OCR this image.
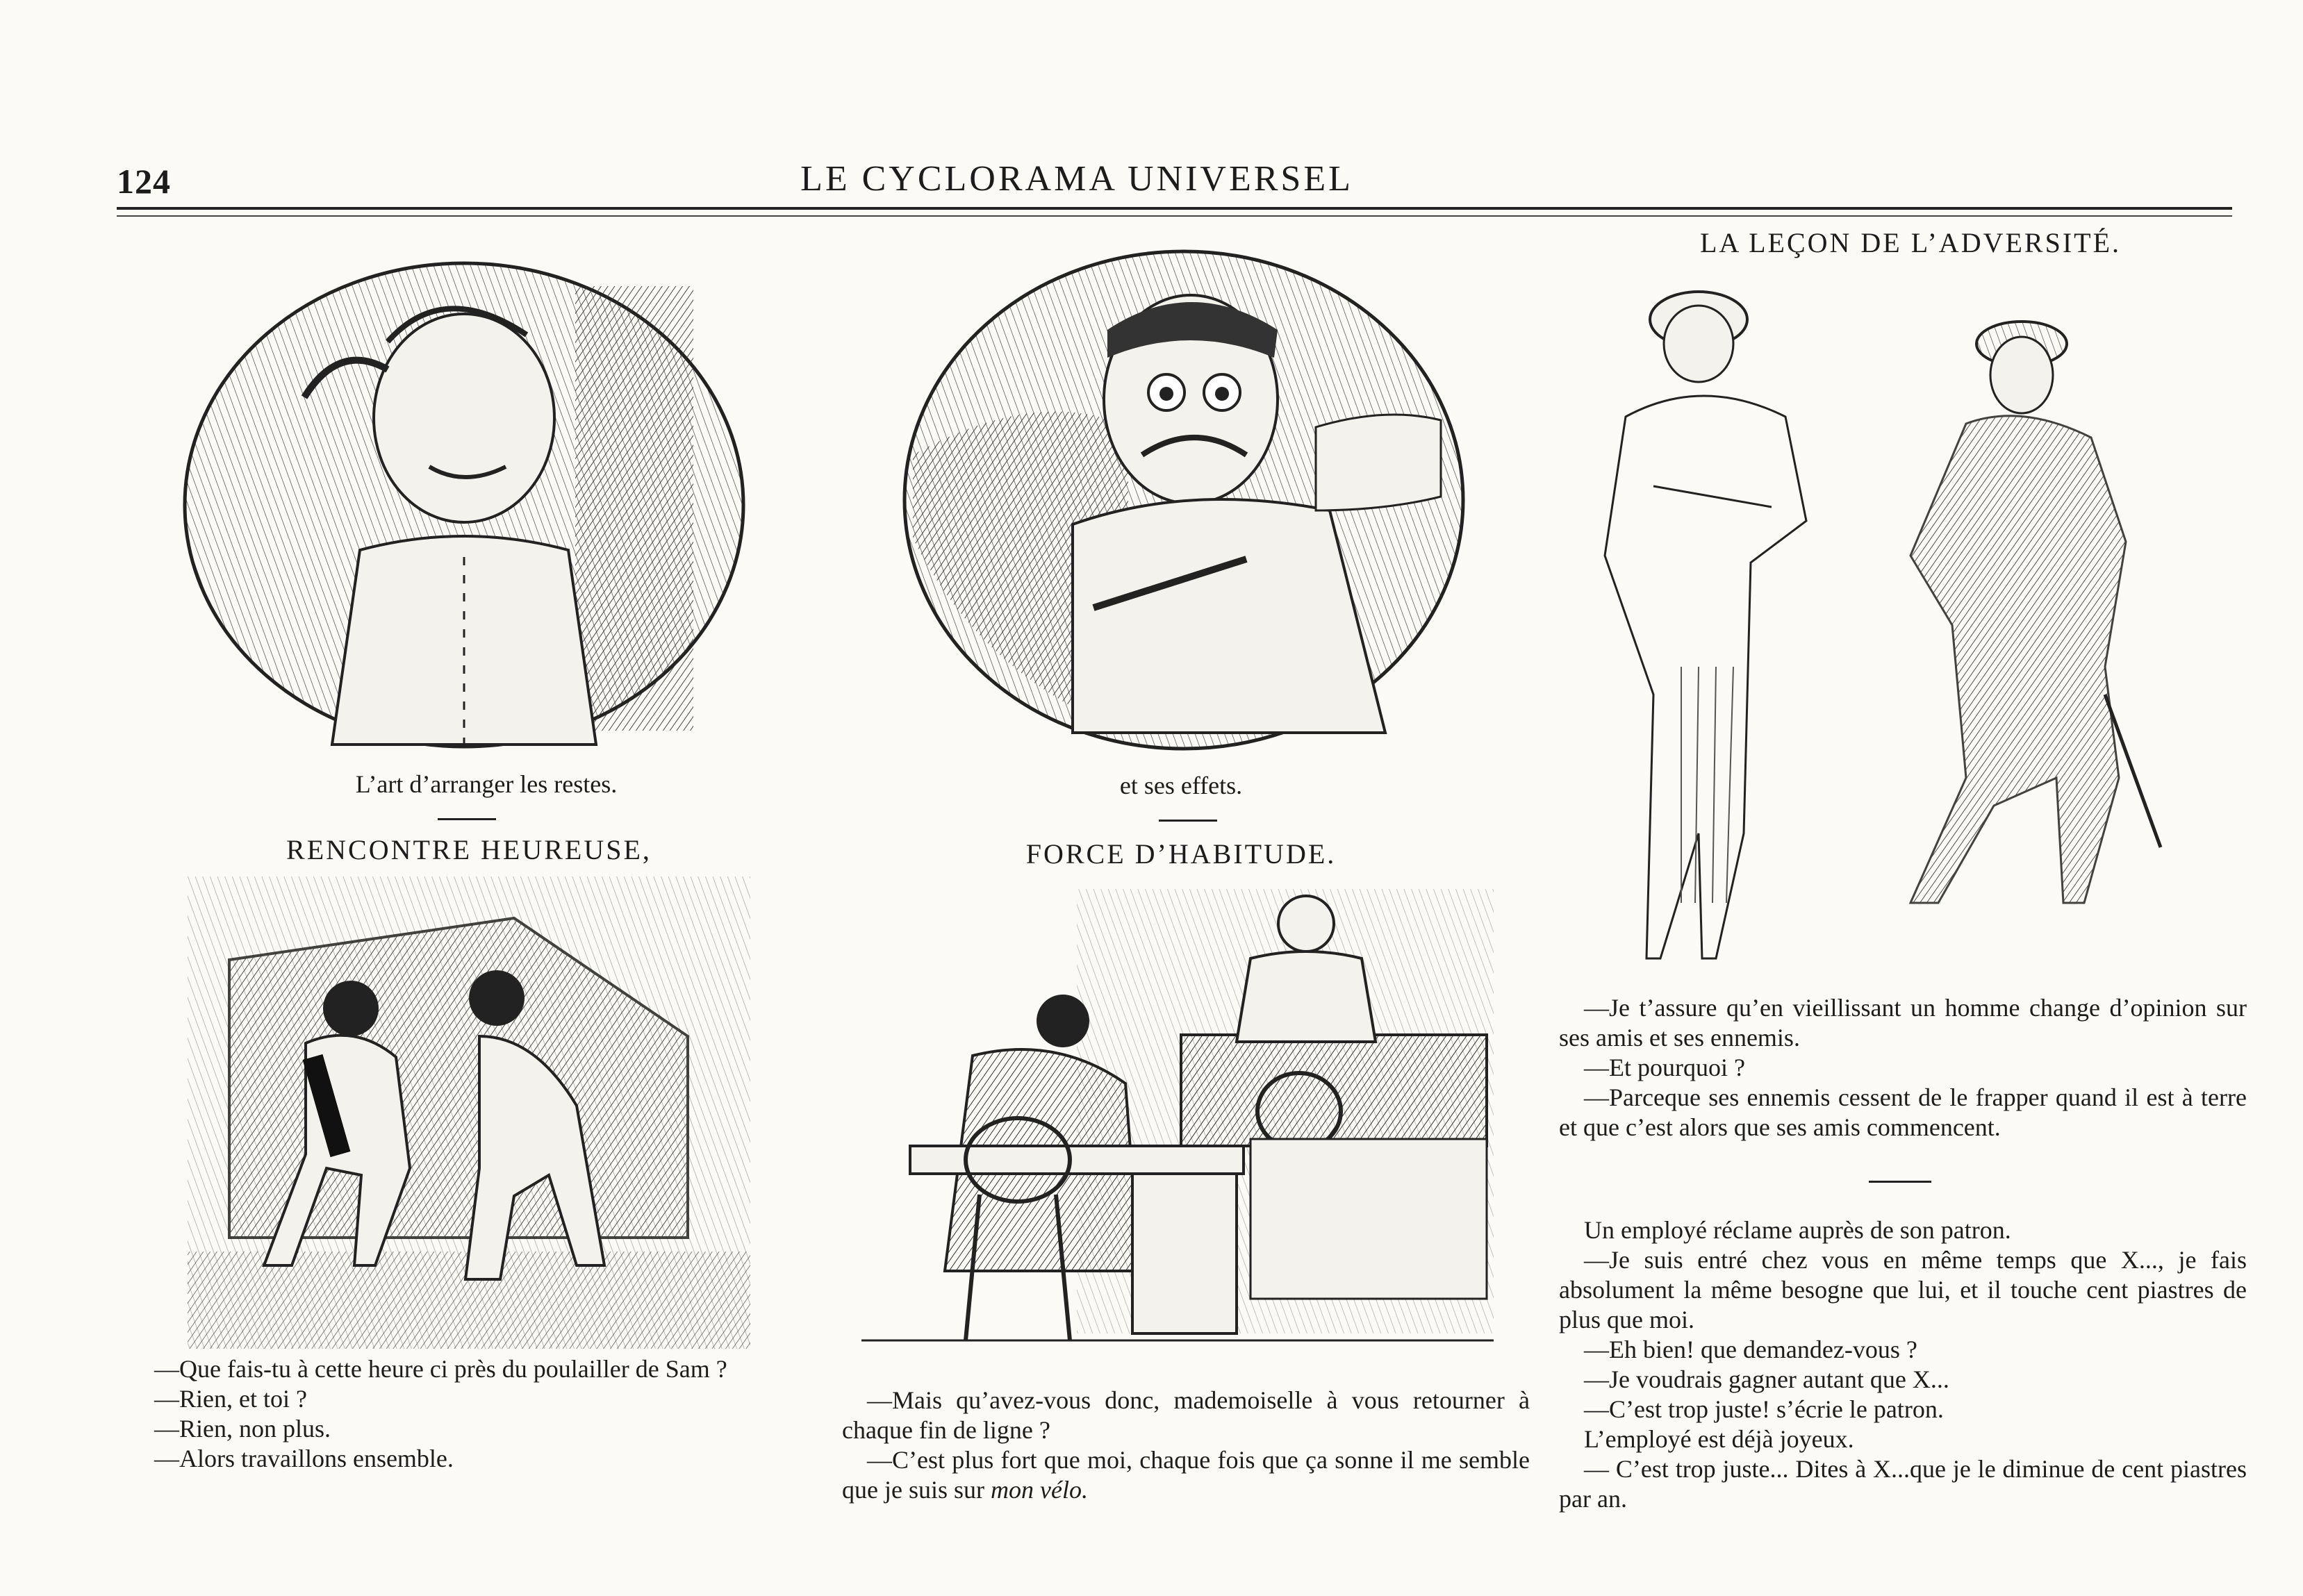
124	LE CYCLORAMA UNIVERSEL
L’art d’arranger les restes.
RENCONTRE HEUREUSE,

—Que fais-tu à cette heure ci près du poulailler de Sam ?

—Rien, et toi ?

—Rien, non plus.

—Alors travaillons ensemble.

et ses effets.
FORCE D’HABITUDE.

—Mais qu’avez-vous donc, mademoiselle à vous retourner à chaque fin de ligne ?

—C’est plus fort que moi, chaque fois que ça sonne il me semble que je suis sur mon vélo.

LA LEÇON DE L’ADVERSITÉ.

—Je t’assure qu’en vieillissant un homme change d’opinion sur ses amis et ses ennemis.

—Et pourquoi ?

—Parceque ses ennemis cessent de le frapper quand il est à terre et que c’est alors que ses amis commencent.

Un employé réclame auprès de son patron.

—Je suis entré chez vous en même temps que X..., je fais absolument la même besogne que lui, et il touche cent piastres de plus que moi.

—Eh bien! que demandez-vous ?

—Je voudrais gagner autant que X...

—C’est trop juste! s’écrie le patron.

L’employé est déjà joyeux.

— C’est trop juste... Dites à X...que je le diminue de cent piastres par an.
